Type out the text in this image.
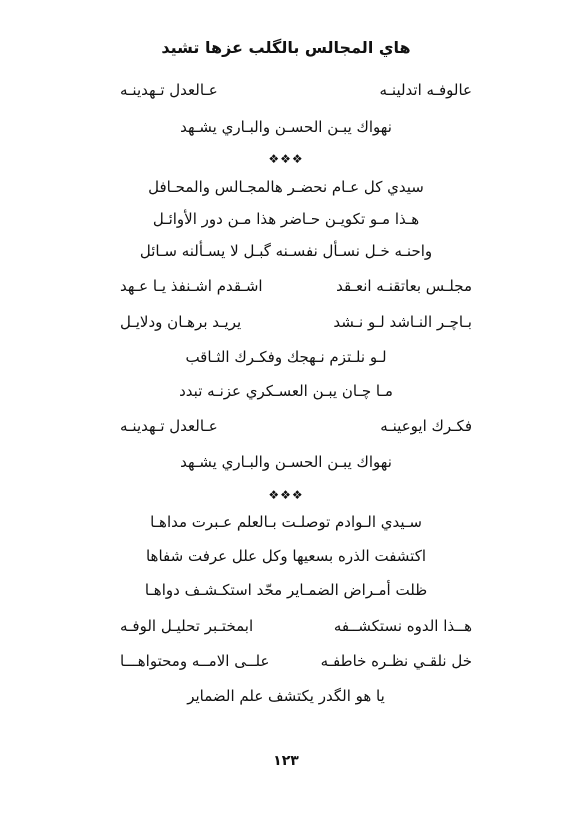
هاي المجالس بالگلب عزها تشيد
عالوفـه اتدلينـه
عـالعدل تـهدينـه
نهواك يبـن الحسـن والبـاري يشـهد
❖❖❖
سيدي كل عـام نحضـر هالمجـالس والمحـافل
هـذا مـو تكويـن حـاضر هذا مـن دور الأوائـل
واحنـه خـل نسـأل نفسـنه گبـل لا يسـألنه سـائل
مجلـس بعاتقنـه انعـقد
اشـقدم اشـنفذ يـا عـهد
بـاچـر النـاشد لـو نـشد
يريـد برهـان ودلايـل
لـو نلـتزم نـهجك وفكـرك الثـاقب
مـا چـان يبـن العسـكري عزنـه تبدد
فكـرك ايوعينـه
عـالعدل تـهدينـه
نهواك يبـن الحسـن والبـاري يشـهد
❖❖❖
سـيدي الـوادم توصلـت بـالعلم عـبرت مداهـا
اكتشفت الذره بسعيها وكل علل عرفت شفاها
ظلت أمـراض الضمـاير محّد استكـشـف دواهـا
هــذا الدوه نستكشــفه
ابمختـبر تحليـل الوفـه
خل نلقـي نظـره خاطفـه
علــى الامــه ومحتواهـــا
يا هو الگدر يكتشف علم الضماير
١٢٣
